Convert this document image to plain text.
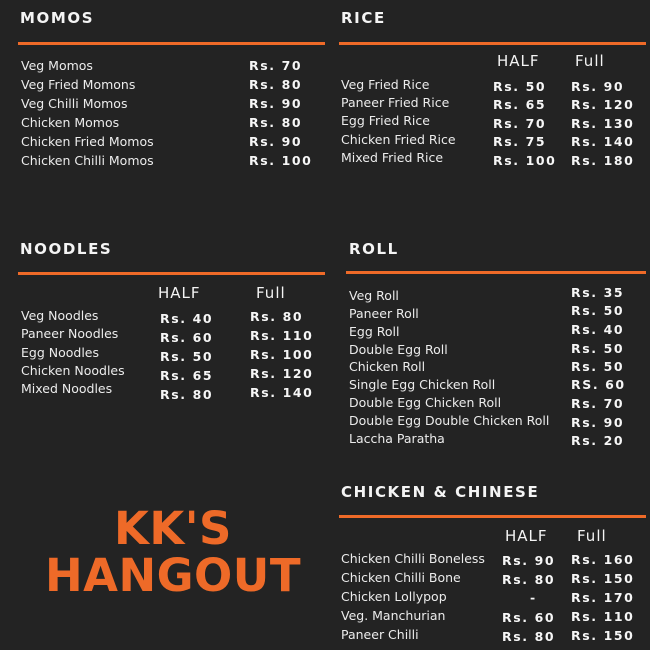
MOMOS
Veg Momos	Rs. 70
Veg Fried Momons	Rs. 80
Veg Chilli Momos	Rs. 90
Chicken Momos	Rs. 80
Chicken Fried Momos	Rs. 90
Chicken Chilli Momos	Rs. 100
RICE
HALF Full
Veg Fried Rice	Rs. 50 Rs. 90
Paneer Fried Rice	Rs. 65 Rs. 120
Egg Fried Rice	Rs. 70 Rs. 130
Chicken Fried Rice	Rs. 75 Rs. 140
Mixed Fried Rice	Rs. 100 Rs. 180
NOODLES
HALF	Full
Veg Noodles	Rs. 40	Rs. 80
Paneer Noodles	Rs. 60	Rs. 110
Egg Noodles	Rs. 50	Rs. 100
Chicken Noodles	Rs. 65	Rs. 120
Mixed Noodles	Rs. 80	Rs. 140
ROLL
Veg Roll	Rs. 35
Paneer Roll	Rs. 50
Egg Roll	Rs. 40
Double Egg Roll	Rs. 50
Chicken Roll	Rs. 50
Single Egg Chicken Roll	RS. 60
Double Egg Chicken Roll	Rs. 70
Double Egg Double Chicken Roll Rs. 90
Laccha Paratha	Rs. 20
CHICKEN & CHINESE
HALF Full
Chicken Chilli Boneless Rs. 90 Rs. 160
Chicken Chilli Bone	Rs. 80 Rs. 150
Chicken Lollypop	-	Rs. 170
Veg. Manchurian	Rs. 60 Rs. 110
Paneer Chilli	Rs. 80 Rs. 150
KK'S
HANGOUT
